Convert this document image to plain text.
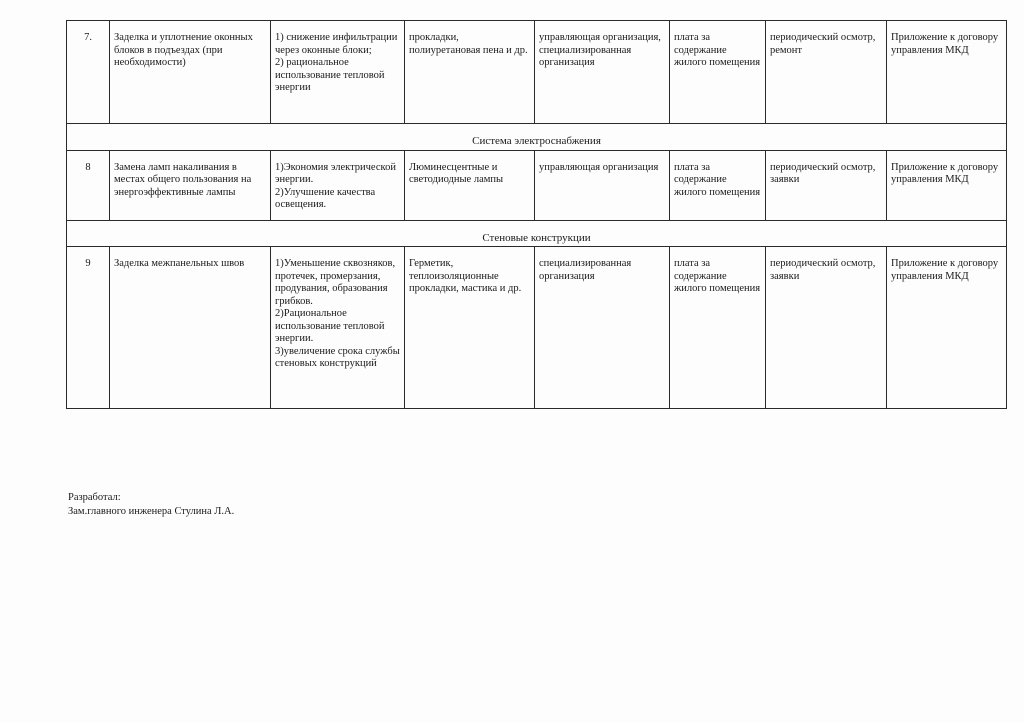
7.	Заделка и уплотнение оконных блоков в подъездах (при необходимости)	1) снижение инфильтрации через оконные блоки;
2) рациональное использование тепловой энергии	прокладки, полиуретановая пена и др.	управляющая организация, специализированная организация	плата за содержание жилого помещения	периодический осмотр, ремонт	Приложение к договору управления МКД
Система электроснабжения							
8	Замена ламп накаливания в местах общего пользования на энергоэффективные лампы	1)Экономия электрической энергии.
2)Улучшение качества освещения.	Люминесцентные и светодиодные лампы	управляющая организация	плата за содержание жилого помещения	периодический осмотр, заявки	Приложение к договору управления МКД
Стеновые конструкции							
9	Заделка межпанельных швов	1)Уменьшение сквозняков, протечек, промерзания, продувания, образования грибков.
2)Рациональное использование тепловой энергии.
3)увеличение срока службы стеновых конструкций	Герметик, теплоизоляционные прокладки, мастика и др.	специализированная организация	плата за содержание жилого помещения	периодический осмотр, заявки	Приложение к договору управления МКД
Разработал:
Зам.главного инженера Стулина Л.А.
